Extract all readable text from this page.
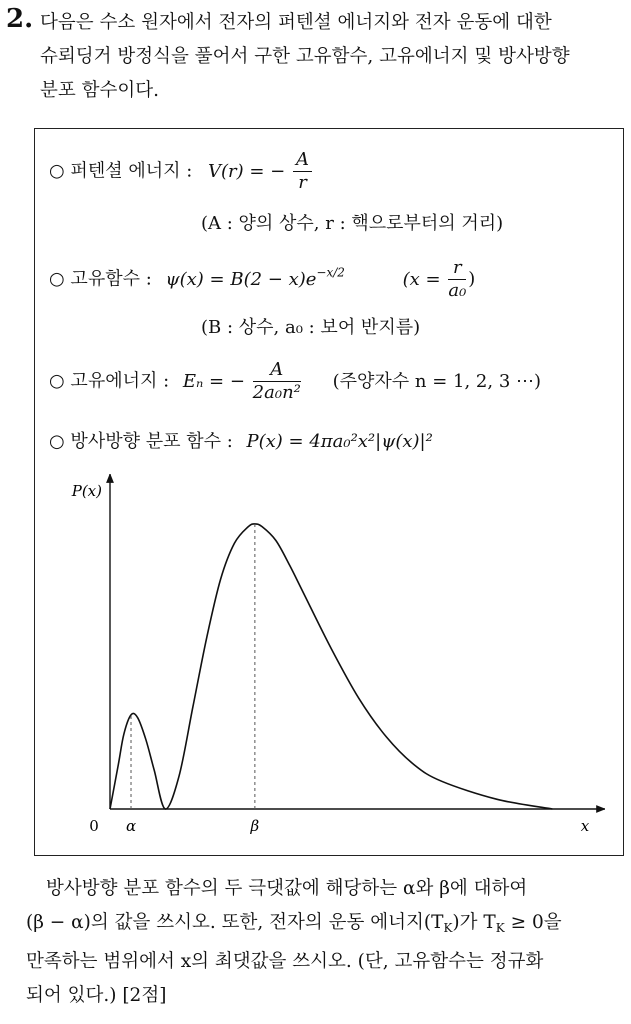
2. 다음은 수소 원자에서 전자의 퍼텐셜 에너지와 전자 운동에 대한
슈뢰딩거 방정식을 풀어서 구한 고유함수, 고유에너지 및 방사방향
분포 함수이다.
○ 퍼텐셜 에너지 : V(r) = − $\frac{A}{r}$
(A : 양의 상수, r : 핵으로부터의 거리)
○ 고유함수 : $\psi(x) = B(2 - x)e^{-x/2}$	($x = \frac{r}{\text{a₀}}$ )
(B : 상수, a₀ : 보어 반지름)
○ 고유에너지 : Eₙ = − $\frac{A}{\text{2a₀n²}}$ (주양자수 n = 1, 2, 3 ⋯)
○ 방사방향 분포 함수 : P(x) = 4πa₀²x²|ψ(x)|²
P(x)
0 α	β	x
방사방향 분포 함수의 두 극댓값에 해당하는 α와 β에 대하여
(β − α)의 값을 쓰시오. 또한, 전자의 운동 에너지$(T_K)$가 $T_K \ge 0$을
만족하는 범위에서 x의 최댓값을 쓰시오. (단, 고유함수는 정규화
되어 있다.) [2점]
